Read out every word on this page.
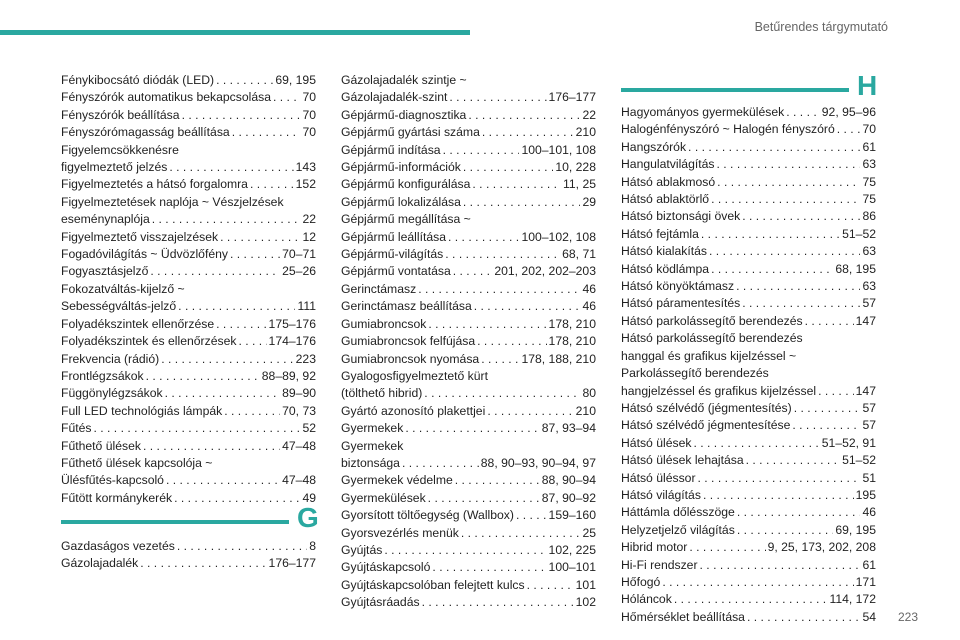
Betűrendes tárgymutató
Fénykibocsátó diódák (LED) . . .	69, 195
Fényszórók automatikus bekapcsolása . . .	70
Fényszórók beállítása . . .	70
Fényszórómagasság beállítása . . .	70
Figyelemcsökkenésre
figyelmeztető jelzés . . .	143
Figyelmeztetés a hátsó forgalomra . . .	152
Figyelmeztetések naplója ~ Vészjelzések
eseménynaplója . . .	22
Figyelmeztető visszajelzések . . .	12
Fogadóvilágítás ~ Üdvözlőfény . . .	70–71
Fogyasztásjelző . . .	25–26
Fokozatváltás-kijelző ~
Sebességváltás-jelző . . .	111
Folyadékszintek ellenőrzése . . .	175–176
Folyadékszintek és ellenőrzések . . .	174–176
Frekvencia (rádió) . . .	223
Frontlégzsákok . . .	88–89, 92
Függönylégzsákok . . .	89–90
Full LED technológiás lámpák . . .	70, 73
Fűtés . . .	52
Fűthető ülések . . .	47–48
Fűthető ülések kapcsolója ~
Ülésfűtés-kapcsoló . . .	47–48
Fűtött kormánykerék . . .	49
G
Gazdaságos vezetés . . .	8
Gázolajadalék . . .	176–177
Gázolajadalék szintje ~
Gázolajadalék-szint . . .	176–177
Gépjármű-diagnosztika . . .	22
Gépjármű gyártási száma . . .	210
Gépjármű indítása . . .	100–101, 108
Gépjármű-információk . . .	10, 228
Gépjármű konfigurálása . . .	11, 25
Gépjármű lokalizálása . . .	29
Gépjármű megállítása ~
Gépjármű leállítása . . .	100–102, 108
Gépjármű-világítás . . .	68, 71
Gépjármű vontatása . . .	201, 202, 202–203
Gerinctámasz . . .	46
Gerinctámasz beállítása . . .	46
Gumiabroncsok . . .	178, 210
Gumiabroncsok felfújása . . .	178, 210
Gumiabroncsok nyomása . . .	178, 188, 210
Gyalogosfigyelmeztető kürt
(tölthető hibrid) . . .	80
Gyártó azonosító plakettjei . . .	210
Gyermekek . . .	87, 93–94
Gyermekek
biztonsága . . .	88, 90–93, 90–94, 97
Gyermekek védelme . . .	88, 90–94
Gyermekülések . . .	87, 90–92
Gyorsított töltőegység (Wallbox) . . .	159–160
Gyorsvezérlés menük . . .	25
Gyújtás . . .	102, 225
Gyújtáskapcsoló . . .	100–101
Gyújtáskapcsolóban felejtett kulcs . . .	101
Gyújtásráadás . . .	102
H
Hagyományos gyermekülések . . .	92, 95–96
Halogénfényszóró ~ Halogén fényszóró . . . 70
Hangszórók . . .	61
Hangulatvilágítás . . .	63
Hátsó ablakmosó . . .	75
Hátsó ablaktörlő . . .	75
Hátsó biztonsági övek . . .	86
Hátsó fejtámla . . .	51–52
Hátsó kialakítás . . .	63
Hátsó ködlámpa . . .	68, 195
Hátsó könyöktámasz . . .	63
Hátsó páramentesítés . . .	57
Hátsó parkolássegítő berendezés . . .	147
Hátsó parkolássegítő berendezés
hanggal és grafikus kijelzéssel ~
Parkolássegítő berendezés
hangjelzéssel és grafikus kijelzéssel . . .	147
Hátsó szélvédő (jégmentesítés) . . .	57
Hátsó szélvédő jégmentesítése . . .	57
Hátsó ülések . . .	51–52, 91
Hátsó ülések lehajtása . . .	51–52
Hátsó üléssor . . .	51
Hátsó világítás . . .	195
Háttámla dőlésszöge . . .	46
Helyzetjelző világítás . . .	69, 195
Hibrid motor . . .	9, 25, 173, 202, 208
Hi-Fi rendszer . . .	61
Hőfogó . . .	171
Hóláncok . . .	114, 172
Hőmérséklet beállítása . . .	54 223
